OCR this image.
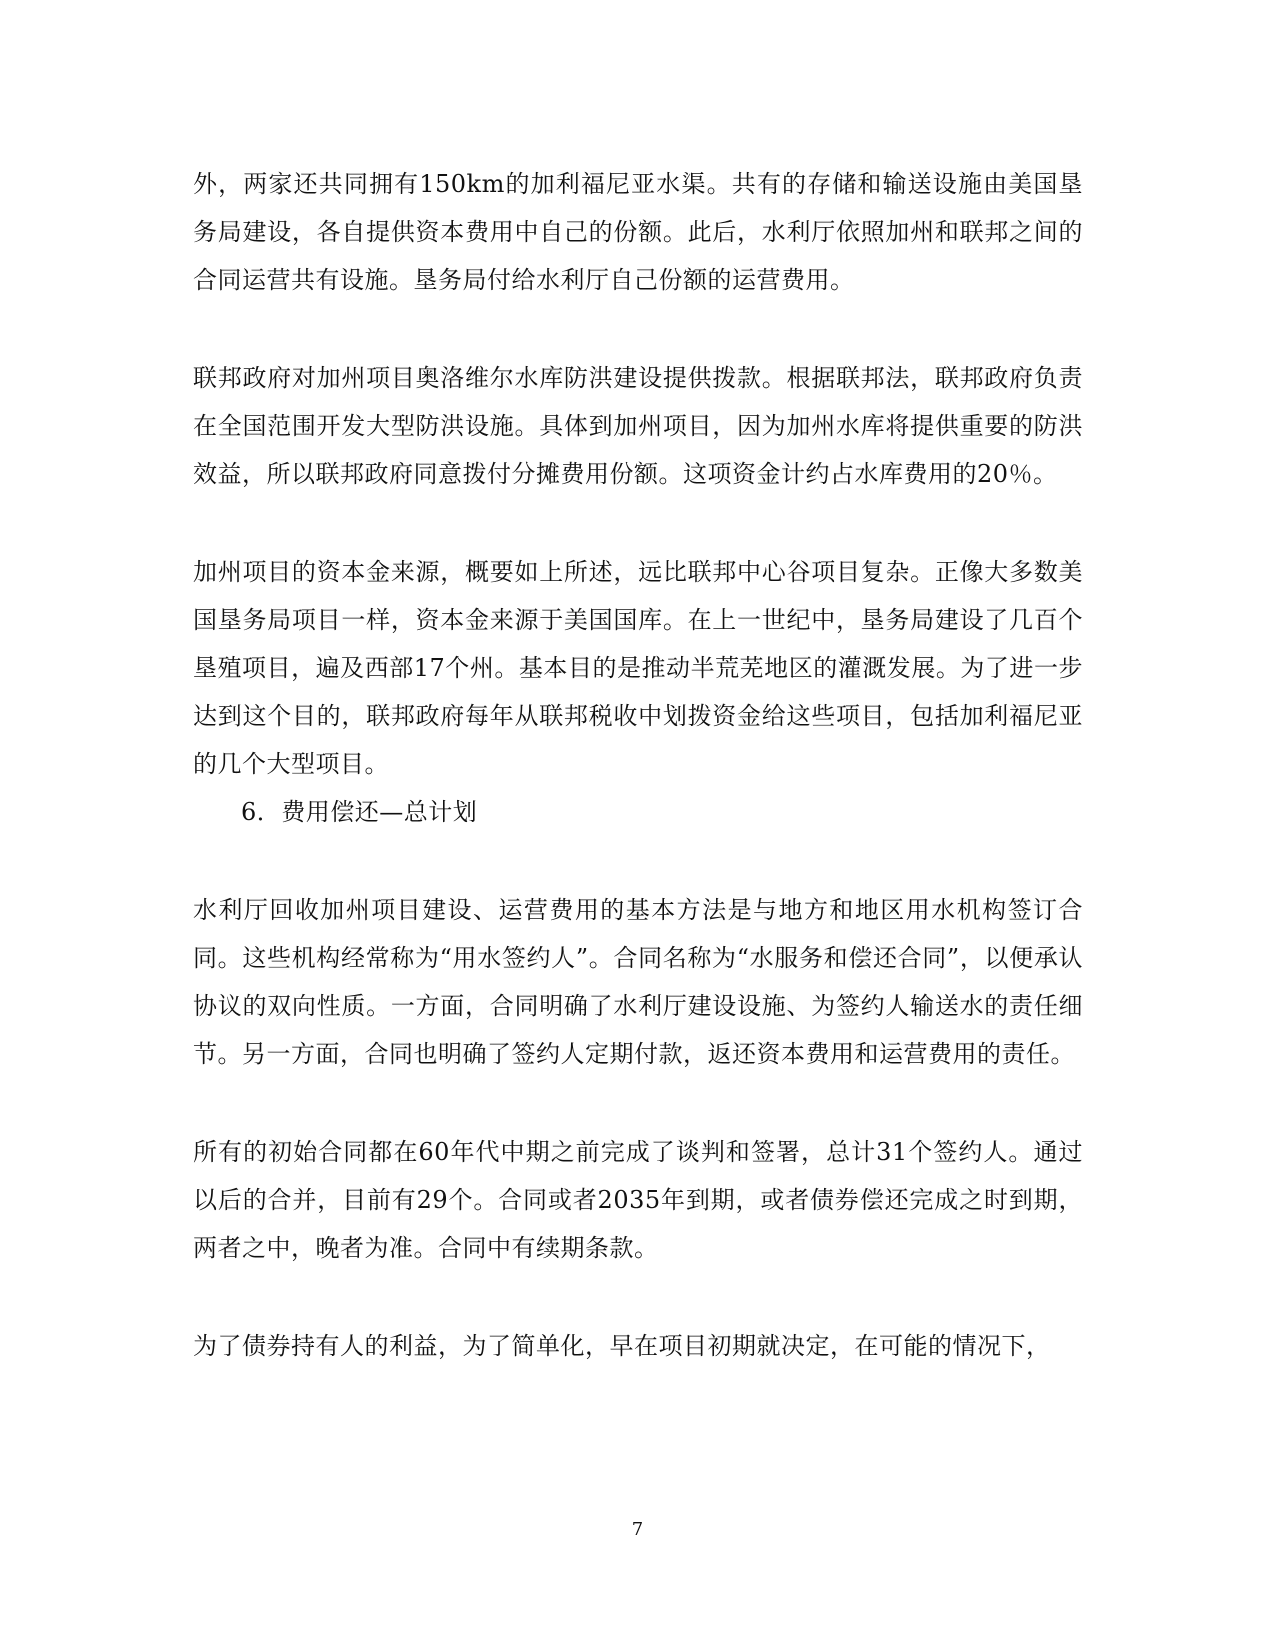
外，两家还共同拥有150km的加利福尼亚水渠。共有的存储和输送设施由美国垦务局建设，各自提供资本费用中自己的份额。此后，水利厅依照加州和联邦之间的合同运营共有设施。垦务局付给水利厅自己份额的运营费用。

联邦政府对加州项目奥洛维尔水库防洪建设提供拨款。根据联邦法，联邦政府负责在全国范围开发大型防洪设施。具体到加州项目，因为加州水库将提供重要的防洪效益，所以联邦政府同意拨付分摊费用份额。这项资金计约占水库费用的20％。

加州项目的资本金来源，概要如上所述，远比联邦中心谷项目复杂。正像大多数美国垦务局项目一样，资本金来源于美国国库。在上一世纪中，垦务局建设了几百个垦殖项目，遍及西部17个州。基本目的是推动半荒芜地区的灌溉发展。为了进一步达到这个目的，联邦政府每年从联邦税收中划拨资金给这些项目，包括加利福尼亚的几个大型项目。

6．费用偿还—总计划

水利厅回收加州项目建设、运营费用的基本方法是与地方和地区用水机构签订合同。这些机构经常称为“用水签约人”。合同名称为“水服务和偿还合同”，以便承认协议的双向性质。一方面，合同明确了水利厅建设设施、为签约人输送水的责任细节。另一方面，合同也明确了签约人定期付款，返还资本费用和运营费用的责任。

所有的初始合同都在60年代中期之前完成了谈判和签署，总计31个签约人。通过以后的合并，目前有29个。合同或者2035年到期，或者债券偿还完成之时到期，两者之中，晚者为准。合同中有续期条款。

为了债券持有人的利益，为了简单化，早在项目初期就决定，在可能的情况下，

7
